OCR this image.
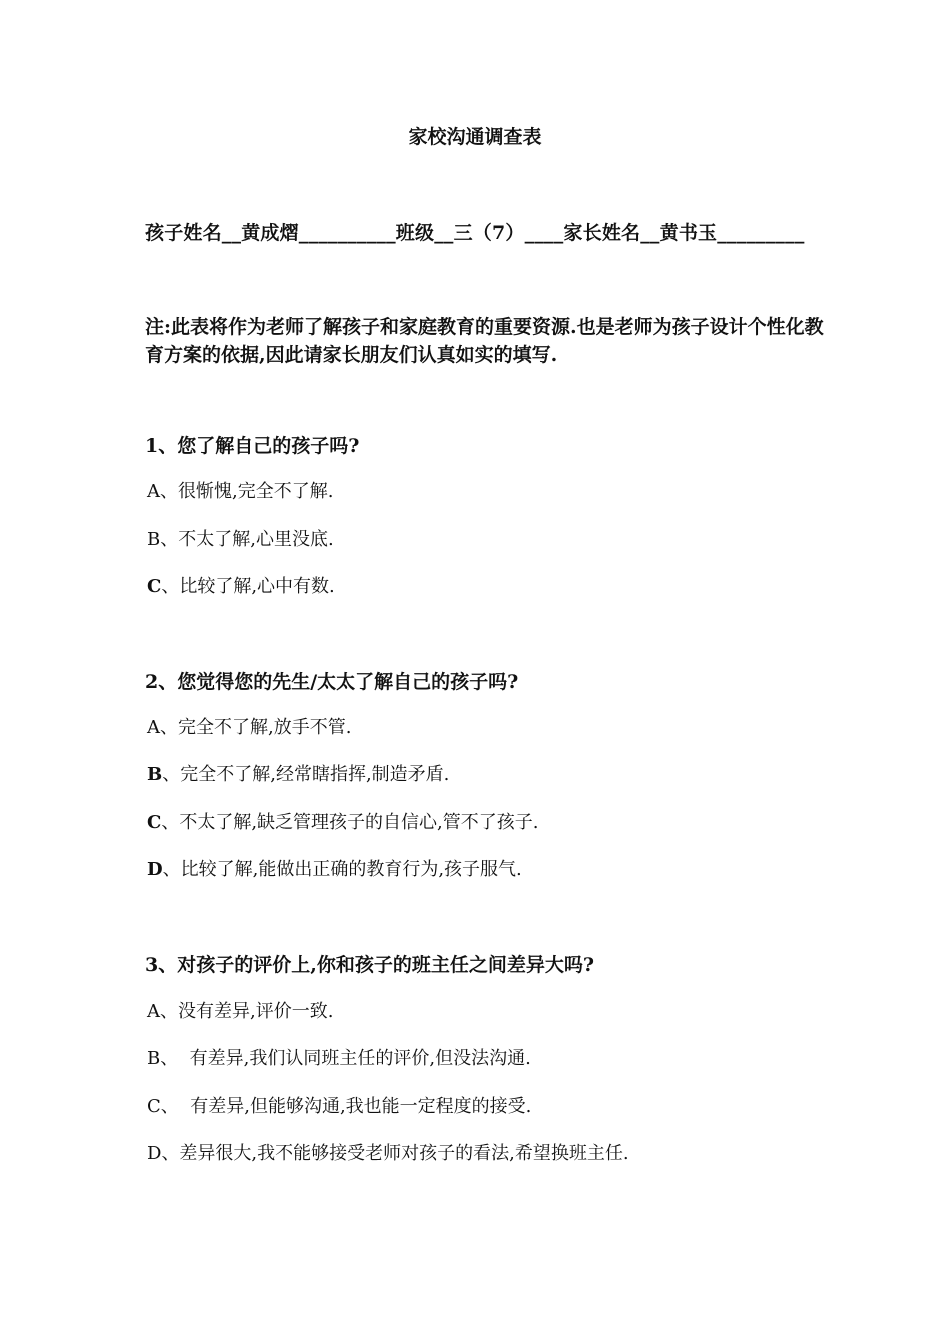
家校沟通调查表
孩子姓名__黄成熠__________班级__三（7）____家长姓名__黄书玉_________
注:此表将作为老师了解孩子和家庭教育的重要资源.也是老师为孩子设计个性化教育方案的依据,因此请家长朋友们认真如实的填写.
1、您了解自己的孩子吗?
A、很惭愧,完全不了解.
B、不太了解,心里没底.
C、比较了解,心中有数.
2、您觉得您的先生/太太了解自己的孩子吗?
A、完全不了解,放手不管.
B、完全不了解,经常瞎指挥,制造矛盾.
C、不太了解,缺乏管理孩子的自信心,管不了孩子.
D、比较了解,能做出正确的教育行为,孩子服气.
3、对孩子的评价上,你和孩子的班主任之间差异大吗?
A、没有差异,评价一致.
B、  有差异,我们认同班主任的评价,但没法沟通.
C、  有差异,但能够沟通,我也能一定程度的接受.
D、差异很大,我不能够接受老师对孩子的看法,希望换班主任.
